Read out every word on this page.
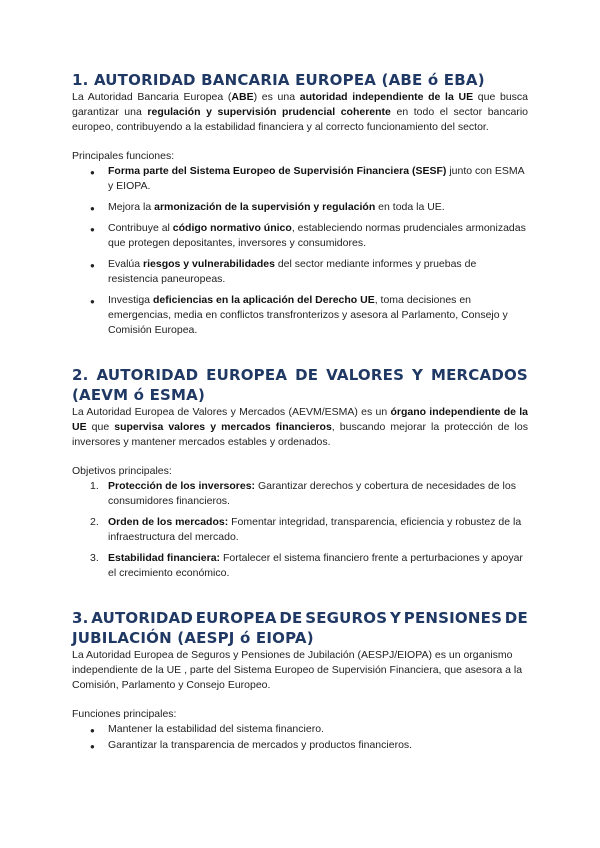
1. AUTORIDAD BANCARIA EUROPEA (ABE ó EBA)

La Autoridad Bancaria Europea (ABE) es una autoridad independiente de la UE que busca garantizar una regulación y supervisión prudencial coherente en todo el sector bancario europeo, contribuyendo a la estabilidad financiera y al correcto funcionamiento del sector.

Principales funciones:

● Forma parte del Sistema Europeo de Supervisión Financiera (SESF) junto con ESMA y EIOPA.
● Mejora la armonización de la supervisión y regulación en toda la UE.
● Contribuye al código normativo único, estableciendo normas prudenciales armonizadas que protegen depositantes, inversores y consumidores.
● Evalúa riesgos y vulnerabilidades del sector mediante informes y pruebas de resistencia paneuropeas.
● Investiga deficiencias en la aplicación del Derecho UE, toma decisiones en emergencias, media en conflictos transfronterizos y asesora al Parlamento, Consejo y Comisión Europea.
2. AUTORIDAD EUROPEA DE VALORES Y MERCADOS
(AEVM ó ESMA)

La Autoridad Europea de Valores y Mercados (AEVM/ESMA) es un órgano independiente de la UE que supervisa valores y mercados financieros, buscando mejorar la protección de los inversores y mantener mercados estables y ordenados.

Objetivos principales:

1. Protección de los inversores: Garantizar derechos y cobertura de necesidades de los consumidores financieros.
2. Orden de los mercados: Fomentar integridad, transparencia, eficiencia y robustez de la infraestructura del mercado.
3. Estabilidad financiera: Fortalecer el sistema financiero frente a perturbaciones y apoyar el crecimiento económico.
3. AUTORIDAD EUROPEA DE SEGUROS Y PENSIONES DE
JUBILACIÓN (AESPJ ó EIOPA)

La Autoridad Europea de Seguros y Pensiones de Jubilación (AESPJ/EIOPA) es un organismo independiente de la UE , parte del Sistema Europeo de Supervisión Financiera, que asesora a la Comisión, Parlamento y Consejo Europeo.

Funciones principales:

● Mantener la estabilidad del sistema financiero.
● Garantizar la transparencia de mercados y productos financieros.
